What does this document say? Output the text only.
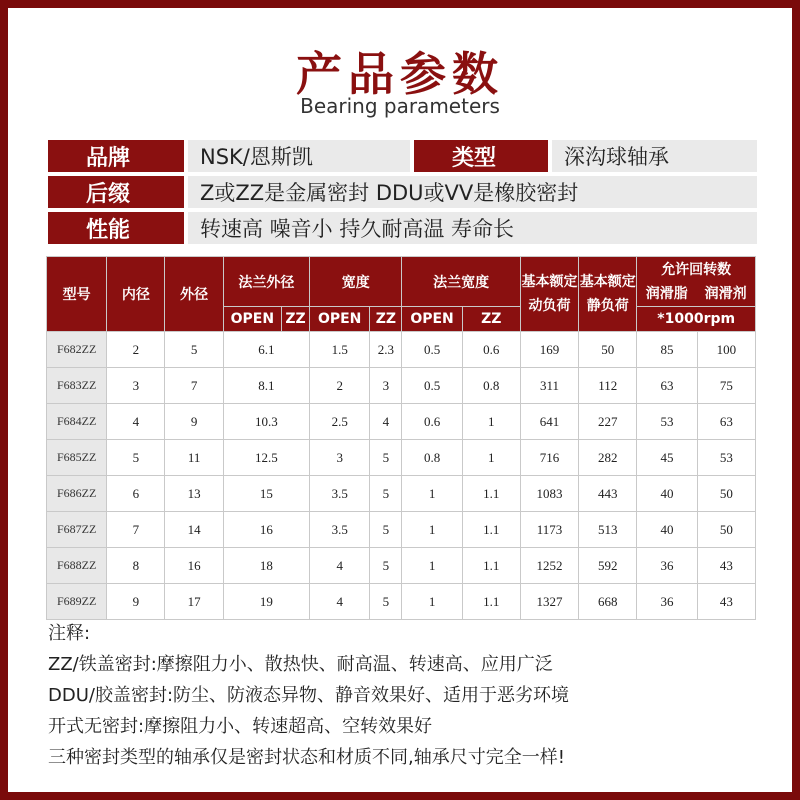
产品参数
Bearing parameters
品牌	NSK/恩斯凯	类型	深沟球轴承
后缀	Z或ZZ是金属密封 DDU或VV是橡胶密封
性能	转速高 噪音小 持久耐高温 寿命长
型号	内径	外径	法兰外径		宽度		法兰宽度		基本额定动负荷	基本额定静负荷	允许回转数
润滑脂 润滑剂	

			OPEN	ZZ	OPEN	ZZ	OPEN	ZZ			*1000rpm	
F682ZZ	2	5	6.1		1.5	2.3	0.5	0.6	169	50	85	100
F683ZZ	3	7	8.1		2	3	0.5	0.8	311	112	63	75
F684ZZ	4	9	10.3		2.5	4	0.6	1	641	227	53	63
F685ZZ	5	11	12.5		3	5	0.8	1	716	282	45	53
F686ZZ	6	13	15		3.5	5	1	1.1	1083	443	40	50
F687ZZ	7	14	16		3.5	5	1	1.1	1173	513	40	50
F688ZZ	8	16	18		4	5	1	1.1	1252	592	36	43
F689ZZ	9	17	19		4	5	1	1.1	1327	668	36	43
注释:
ZZ/铁盖密封:摩擦阻力小、散热快、耐高温、转速高、应用广泛
DDU/胶盖密封:防尘、防液态异物、静音效果好、适用于恶劣环境
开式无密封:摩擦阻力小、转速超高、空转效果好
三种密封类型的轴承仅是密封状态和材质不同,轴承尺寸完全一样!
